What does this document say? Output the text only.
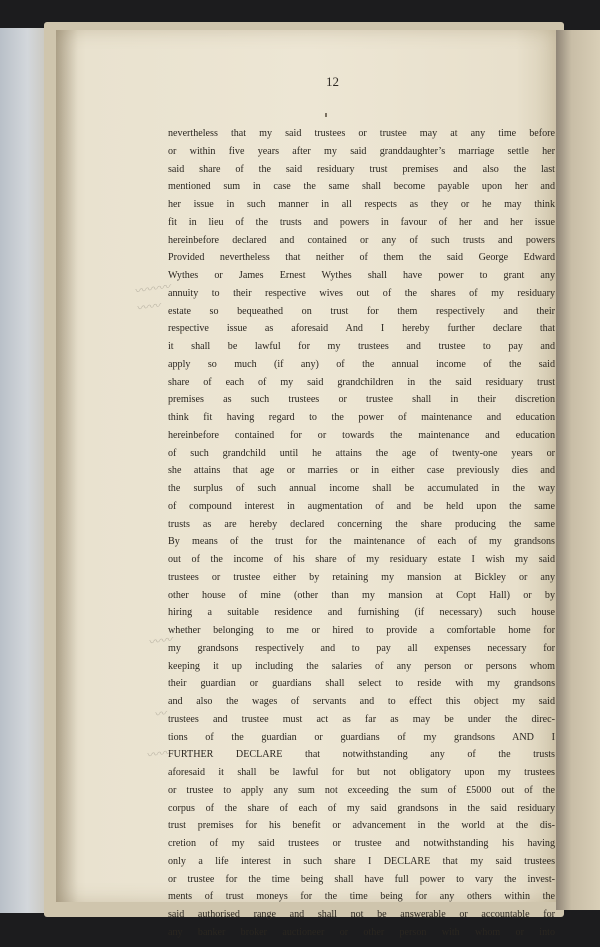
12
nevertheless that my said trustees or trustee may at any time before
or within five years after my said granddaughter’s marriage settle her
said share of the said residuary trust premises and also the last
mentioned sum in case the same shall become payable upon her and
her issue in such manner in all respects as they or he may think
fit in lieu of the trusts and powers in favour of her and her issue
hereinbefore declared and contained or any of such trusts and powers
Provided nevertheless that neither of them the said George Edward
Wythes or James Ernest Wythes shall have power to grant any
annuity to their respective wives out of the shares of my residuary
estate so bequeathed on trust for them respectively and their
respective issue as aforesaid And I hereby further declare that
it shall be lawful for my trustees and trustee to pay and
apply so much (if any) of the annual income of the said
share of each of my said grandchildren in the said residuary trust
premises as such trustees or trustee shall in their discretion
think fit having regard to the power of maintenance and education
hereinbefore contained for or towards the maintenance and education
of such grandchild until he attains the age of twenty-one years or
she attains that age or marries or in either case previously dies and
the surplus of such annual income shall be accumulated in the way
of compound interest in augmentation of and be held upon the same
trusts as are hereby declared concerning the share producing the same
By means of the trust for the maintenance of each of my grandsons
out of the income of his share of my residuary estate I wish my said
trustees or trustee either by retaining my mansion at Bickley or any
other house of mine (other than my mansion at Copt Hall) or by
hiring a suitable residence and furnishing (if necessary) such house
whether belonging to me or hired to provide a comfortable home for
my grandsons respectively and to pay all expenses necessary for
keeping it up including the salaries of any person or persons whom
their guardian or guardians shall select to reside with my grandsons
and also the wages of servants and to effect this object my said
trustees and trustee must act as far as may be under the direc-
tions of the guardian or guardians of my grandsons AND I
FURTHER DECLARE that notwithstanding any of the trusts
aforesaid it shall be lawful for but not obligatory upon my trustees
or trustee to apply any sum not exceeding the sum of £5000 out of the
corpus of the share of each of my said grandsons in the said residuary
trust premises for his benefit or advancement in the world at the dis-
cretion of my said trustees or trustee and notwithstanding his having
only a life interest in such share I DECLARE that my said trustees
or trustee for the time being shall have full power to vary the invest-
ments of trust moneys for the time being for any others within the
said authorised range and shall not be answerable or accountable for
any banker broker auctioneer or other person with whom or into
〰〰〰
〰〰
〰〰
〰
〰〰
